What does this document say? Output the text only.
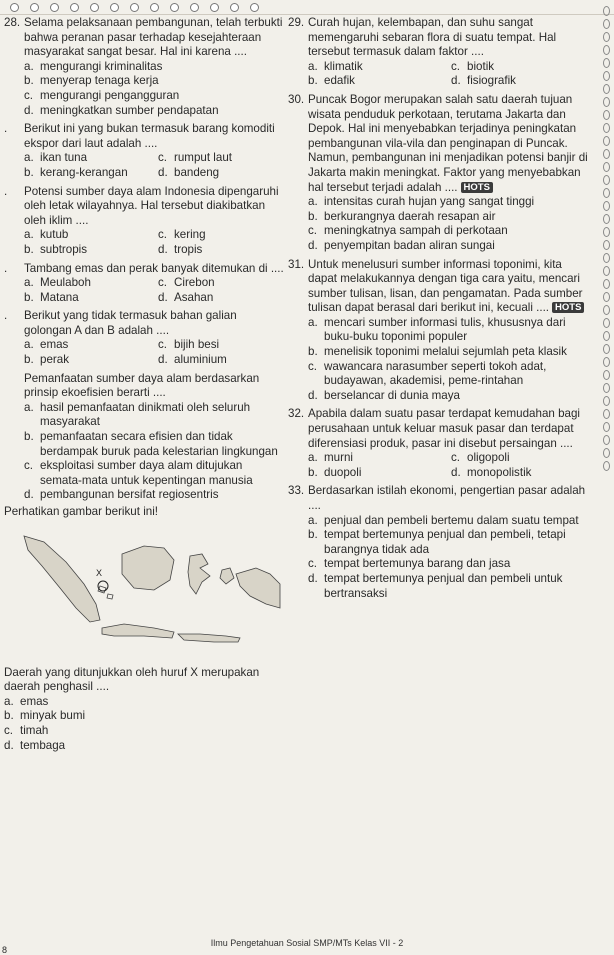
28. Selama pelaksanaan pembangunan, telah terbukti bahwa peranan pasar terhadap kesejahteraan masyarakat sangat besar. Hal ini karena ....
a. mengurangi kriminalitas
b. menyerap tenaga kerja
c. mengurangi pengangguran
d. meningkatkan sumber pendapatan
.	Berikut ini yang bukan termasuk barang komoditi ekspor dari laut adalah ....
a. ikan tuna	c. rumput laut
b. kerang-kerangan	d. bandeng
.	Potensi sumber daya alam Indonesia dipengaruhi oleh letak wilayahnya. Hal tersebut diakibatkan oleh iklim ....
a. kutub	c. kering
b. subtropis	d. tropis
.	Tambang emas dan perak banyak ditemukan di ....
a. Meulaboh	c. Cirebon
b. Matana	d. Asahan
.	Berikut yang tidak termasuk bahan galian golongan A dan B adalah ....
a. emas	c. bijih besi
b. perak	d. aluminium
Pemanfaatan sumber daya alam berdasarkan prinsip ekoefisien berarti ....
a. hasil pemanfaatan dinikmati oleh seluruh masyarakat
b. pemanfaatan secara efisien dan tidak berdampak buruk pada kelestarian lingkungan
c. eksploitasi sumber daya alam ditujukan semata-mata untuk kepentingan manusia
d. pembangunan bersifat regiosentris
Perhatikan gambar berikut ini!
X
Daerah yang ditunjukkan oleh huruf X merupakan daerah penghasil ....
a. emas
b. minyak bumi
c. timah
d. tembaga
29. Curah hujan, kelembapan, dan suhu sangat memengaruhi sebaran flora di suatu tempat. Hal tersebut termasuk dalam faktor ....
a. klimatik	c. biotik
b. edafik	d. fisiografik
30. Puncak Bogor merupakan salah satu daerah tujuan wisata penduduk perkotaan, terutama Jakarta dan Depok. Hal ini menyebabkan terjadinya peningkatan pembangunan vila-vila dan penginapan di Puncak. Namun, pembangunan ini menjadikan potensi banjir di Jakarta makin meningkat. Faktor yang menyebabkan hal tersebut terjadi adalah .... HOTS
a. intensitas curah hujan yang sangat tinggi
b. berkurangnya daerah resapan air
c. meningkatnya sampah di perkotaan
d. penyempitan badan aliran sungai
31. Untuk menelusuri sumber informasi toponimi, kita dapat melakukannya dengan tiga cara yaitu, mencari sumber tulisan, lisan, dan pengamatan. Pada sumber tulisan dapat berasal dari berikut ini, kecuali .... HOTS
a. mencari sumber informasi tulis, khususnya dari buku-buku toponimi populer
b. menelisik toponimi melalui sejumlah peta klasik
c. wawancara narasumber seperti tokoh adat, budayawan, akademisi, peme-rintahan
d. berselancar di dunia maya
32. Apabila dalam suatu pasar terdapat kemudahan bagi perusahaan untuk keluar masuk pasar dan terdapat diferensiasi produk, pasar ini disebut persaingan ....
a. murni	c. oligopoli
b. duopoli	d. monopolistik
33. Berdasarkan istilah ekonomi, pengertian pasar adalah ....
a. penjual dan pembeli bertemu dalam suatu tempat
b. tempat bertemunya penjual dan pembeli, tetapi barangnya tidak ada
c. tempat bertemunya barang dan jasa
d. tempat bertemunya penjual dan pembeli untuk bertransaksi
Ilmu Pengetahuan Sosial SMP/MTs Kelas VII - 2
8
